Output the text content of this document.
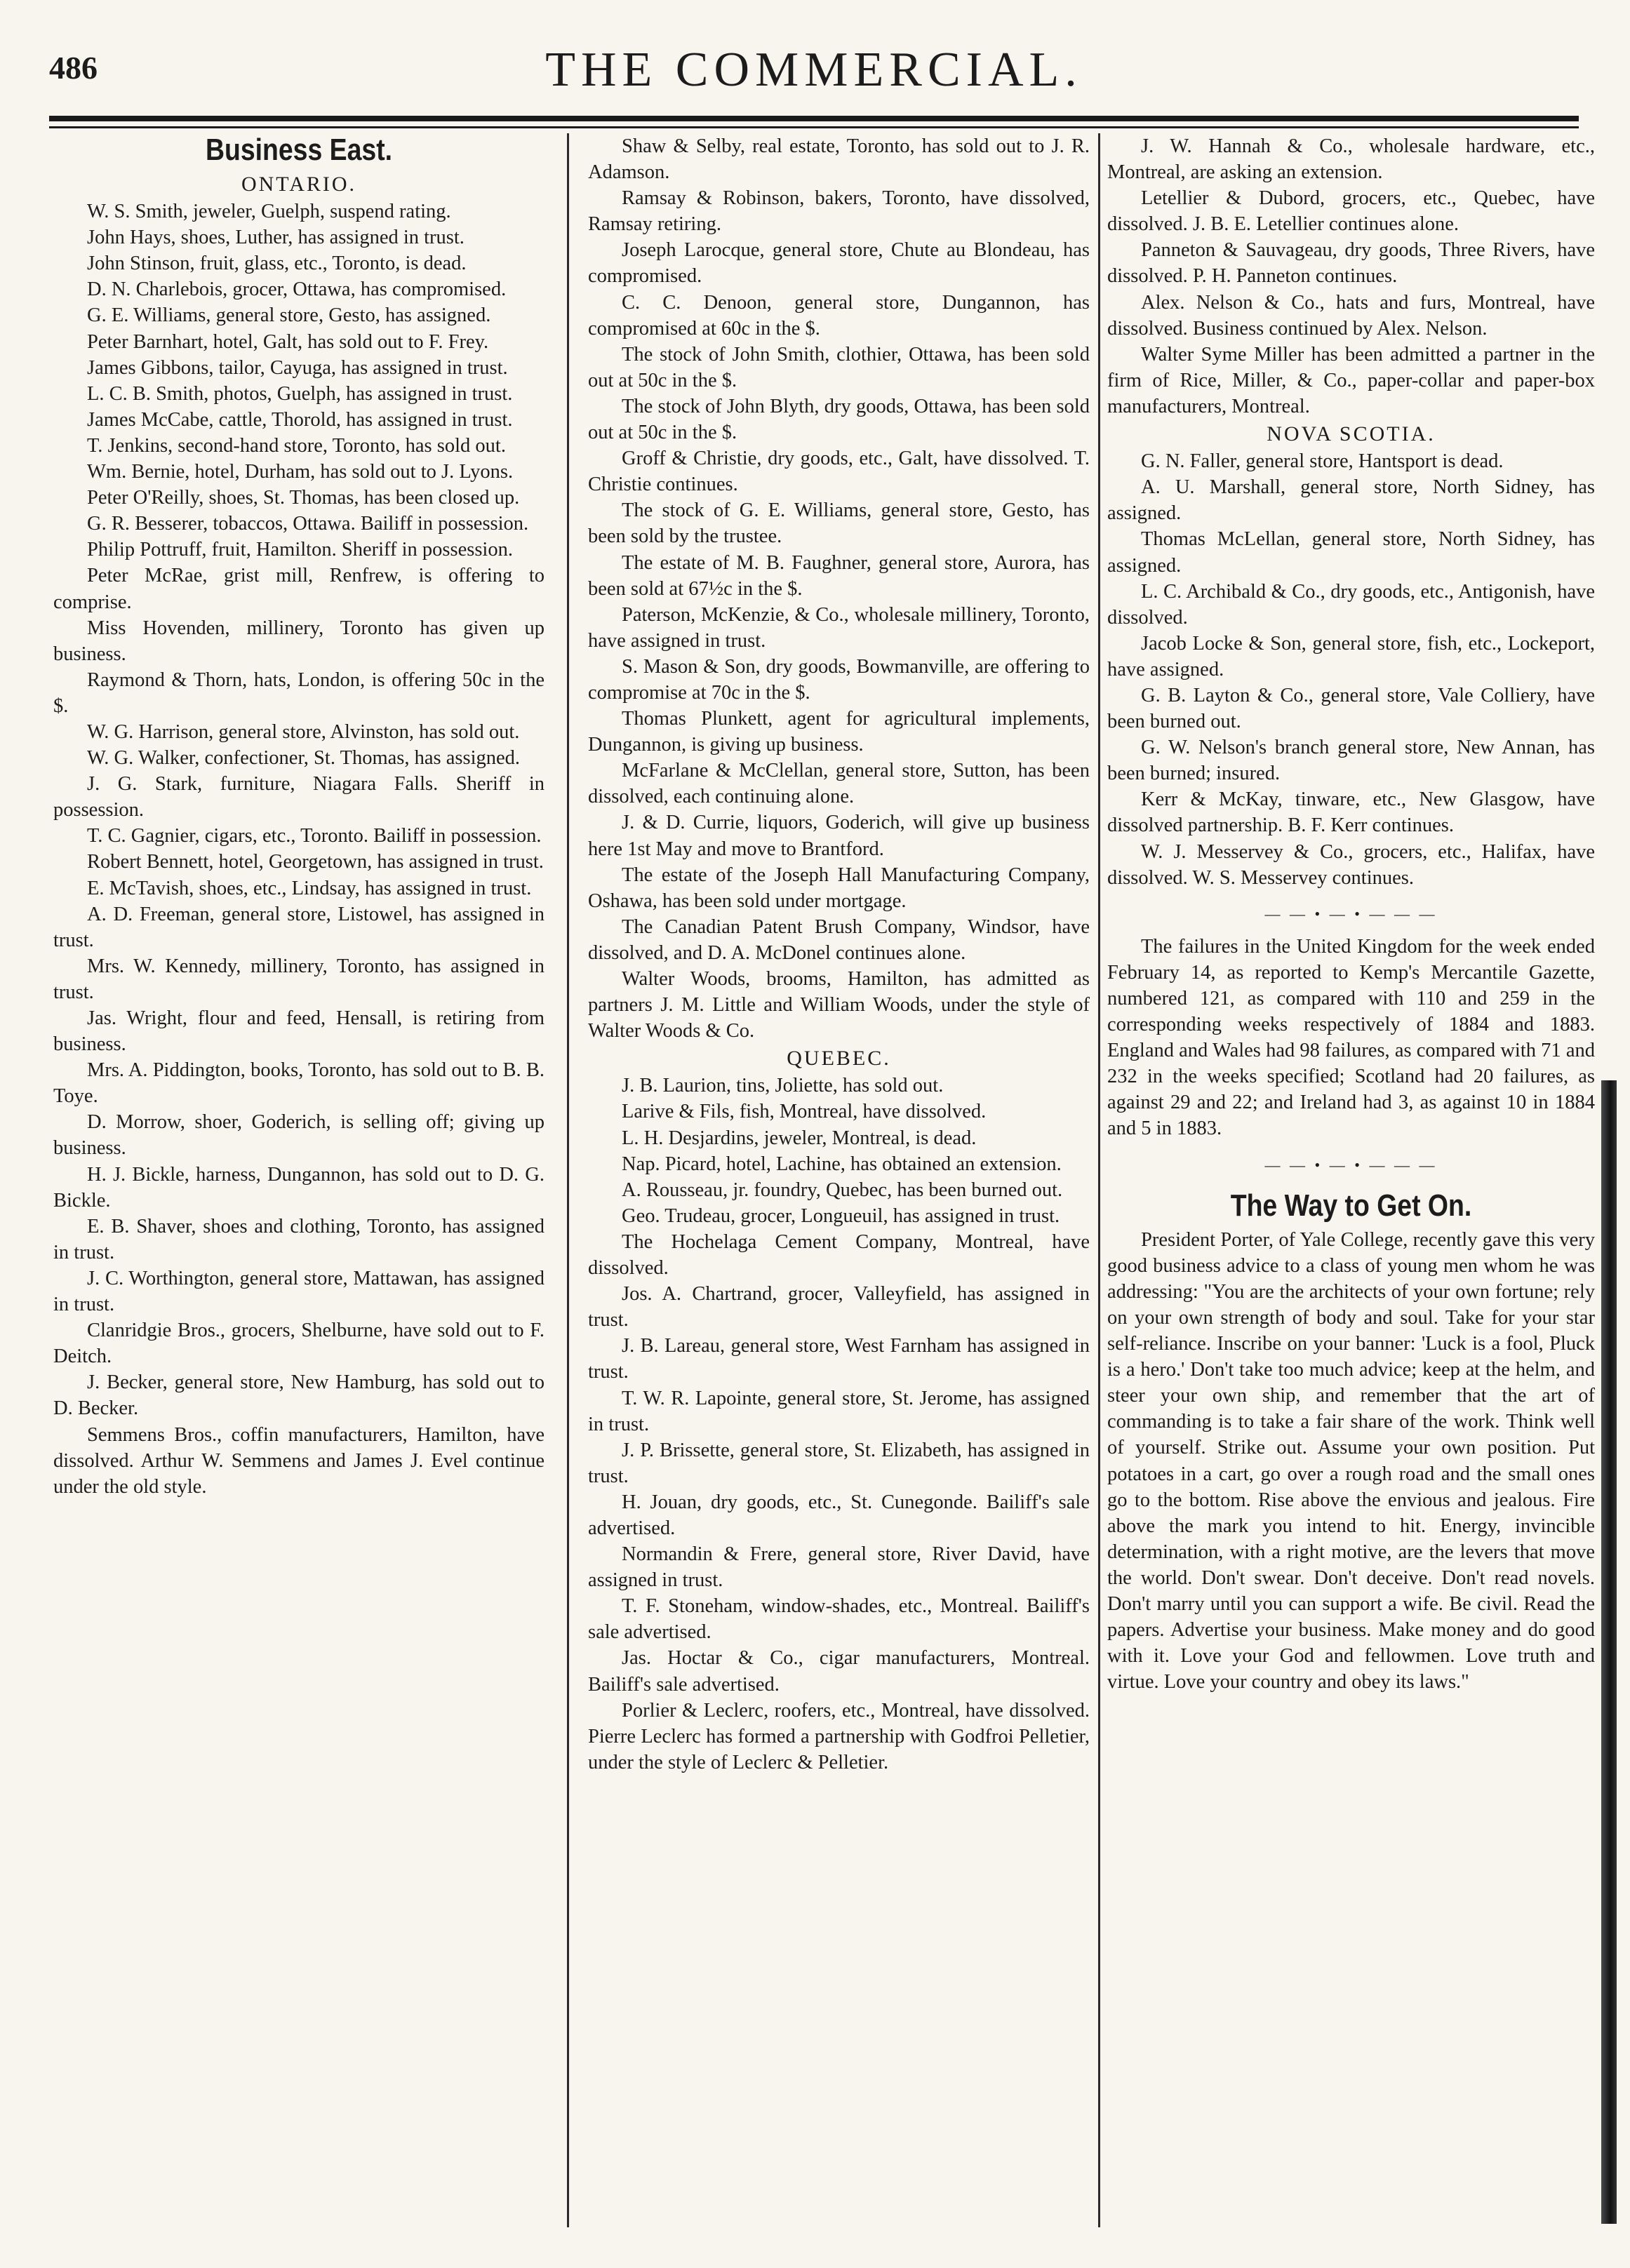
486	THE COMMERCIAL.
Business East.
ONTARIO.

W. S. Smith, jeweler, Guelph, suspend rating.

John Hays, shoes, Luther, has assigned in trust.

John Stinson, fruit, glass, etc., Toronto, is dead.

D. N. Charlebois, grocer, Ottawa, has compromised.

G. E. Williams, general store, Gesto, has assigned.

Peter Barnhart, hotel, Galt, has sold out to F. Frey.

James Gibbons, tailor, Cayuga, has assigned in trust.

L. C. B. Smith, photos, Guelph, has assigned in trust.

James McCabe, cattle, Thorold, has assigned in trust.

T. Jenkins, second-hand store, Toronto, has sold out.

Wm. Bernie, hotel, Durham, has sold out to J. Lyons.

Peter O'Reilly, shoes, St. Thomas, has been closed up.

G. R. Besserer, tobaccos, Ottawa. Bailiff in possession.

Philip Pottruff, fruit, Hamilton. Sheriff in possession.

Peter McRae, grist mill, Renfrew, is offering to comprise.

Miss Hovenden, millinery, Toronto has given up business.

Raymond & Thorn, hats, London, is offering 50c in the $.

W. G. Harrison, general store, Alvinston, has sold out.

W. G. Walker, confectioner, St. Thomas, has assigned.

J. G. Stark, furniture, Niagara Falls. Sheriff in possession.

T. C. Gagnier, cigars, etc., Toronto. Bailiff in possession.

Robert Bennett, hotel, Georgetown, has assigned in trust.

E. McTavish, shoes, etc., Lindsay, has assigned in trust.

A. D. Freeman, general store, Listowel, has assigned in trust.

Mrs. W. Kennedy, millinery, Toronto, has assigned in trust.

Jas. Wright, flour and feed, Hensall, is retiring from business.

Mrs. A. Piddington, books, Toronto, has sold out to B. B. Toye.

D. Morrow, shoer, Goderich, is selling off; giving up business.

H. J. Bickle, harness, Dungannon, has sold out to D. G. Bickle.

E. B. Shaver, shoes and clothing, Toronto, has assigned in trust.

J. C. Worthington, general store, Mattawan, has assigned in trust.

Clanridgie Bros., grocers, Shelburne, have sold out to F. Deitch.

J. Becker, general store, New Hamburg, has sold out to D. Becker.

Semmens Bros., coffin manufacturers, Hamilton, have dissolved. Arthur W. Semmens and James J. Evel continue under the old style.

Shaw & Selby, real estate, Toronto, has sold out to J. R. Adamson.

Ramsay & Robinson, bakers, Toronto, have dissolved, Ramsay retiring.

Joseph Larocque, general store, Chute au Blondeau, has compromised.

C. C. Denoon, general store, Dungannon, has compromised at 60c in the $.

The stock of John Smith, clothier, Ottawa, has been sold out at 50c in the $.

The stock of John Blyth, dry goods, Ottawa, has been sold out at 50c in the $.

Groff & Christie, dry goods, etc., Galt, have dissolved. T. Christie continues.

The stock of G. E. Williams, general store, Gesto, has been sold by the trustee.

The estate of M. B. Faughner, general store, Aurora, has been sold at 67½c in the $.

Paterson, McKenzie, & Co., wholesale millinery, Toronto, have assigned in trust.

S. Mason & Son, dry goods, Bowmanville, are offering to compromise at 70c in the $.

Thomas Plunkett, agent for agricultural implements, Dungannon, is giving up business.

McFarlane & McClellan, general store, Sutton, has been dissolved, each continuing alone.

J. & D. Currie, liquors, Goderich, will give up business here 1st May and move to Brantford.

The estate of the Joseph Hall Manufacturing Company, Oshawa, has been sold under mortgage.

The Canadian Patent Brush Company, Windsor, have dissolved, and D. A. McDonel continues alone.

Walter Woods, brooms, Hamilton, has admitted as partners J. M. Little and William Woods, under the style of Walter Woods & Co.

QUEBEC.

J. B. Laurion, tins, Joliette, has sold out.

Larive & Fils, fish, Montreal, have dissolved.

L. H. Desjardins, jeweler, Montreal, is dead.

Nap. Picard, hotel, Lachine, has obtained an extension.

A. Rousseau, jr. foundry, Quebec, has been burned out.

Geo. Trudeau, grocer, Longueuil, has assigned in trust.

The Hochelaga Cement Company, Montreal, have dissolved.

Jos. A. Chartrand, grocer, Valleyfield, has assigned in trust.

J. B. Lareau, general store, West Farnham has assigned in trust.

T. W. R. Lapointe, general store, St. Jerome, has assigned in trust.

J. P. Brissette, general store, St. Elizabeth, has assigned in trust.

H. Jouan, dry goods, etc., St. Cunegonde. Bailiff's sale advertised.

Normandin & Frere, general store, River David, have assigned in trust.

T. F. Stoneham, window-shades, etc., Montreal. Bailiff's sale advertised.

Jas. Hoctar & Co., cigar manufacturers, Montreal. Bailiff's sale advertised.

Porlier & Leclerc, roofers, etc., Montreal, have dissolved. Pierre Leclerc has formed a partnership with Godfroi Pelletier, under the style of Leclerc & Pelletier.

J. W. Hannah & Co., wholesale hardware, etc., Montreal, are asking an extension.

Letellier & Dubord, grocers, etc., Quebec, have dissolved. J. B. E. Letellier continues alone.

Panneton & Sauvageau, dry goods, Three Rivers, have dissolved. P. H. Panneton continues.

Alex. Nelson & Co., hats and furs, Montreal, have dissolved. Business continued by Alex. Nelson.

Walter Syme Miller has been admitted a partner in the firm of Rice, Miller, & Co., paper-collar and paper-box manufacturers, Montreal.

NOVA SCOTIA.

G. N. Faller, general store, Hantsport is dead.

A. U. Marshall, general store, North Sidney, has assigned.

Thomas McLellan, general store, North Sidney, has assigned.

L. C. Archibald & Co., dry goods, etc., Antigonish, have dissolved.

Jacob Locke & Son, general store, fish, etc., Lockeport, have assigned.

G. B. Layton & Co., general store, Vale Colliery, have been burned out.

G. W. Nelson's branch general store, New Annan, has been burned; insured.

Kerr & McKay, tinware, etc., New Glasgow, have dissolved partnership. B. F. Kerr continues.

W. J. Messervey & Co., grocers, etc., Halifax, have dissolved. W. S. Messervey continues.

— — • — • — — —

The failures in the United Kingdom for the week ended February 14, as reported to Kemp's Mercantile Gazette, numbered 121, as compared with 110 and 259 in the corresponding weeks respectively of 1884 and 1883. England and Wales had 98 failures, as compared with 71 and 232 in the weeks specified; Scotland had 20 failures, as against 29 and 22; and Ireland had 3, as against 10 in 1884 and 5 in 1883.

— — • — • — — —
The Way to Get On.

President Porter, of Yale College, recently gave this very good business advice to a class of young men whom he was addressing: "You are the architects of your own fortune; rely on your own strength of body and soul. Take for your star self-reliance. Inscribe on your banner: 'Luck is a fool, Pluck is a hero.' Don't take too much advice; keep at the helm, and steer your own ship, and remember that the art of commanding is to take a fair share of the work. Think well of yourself. Strike out. Assume your own position. Put potatoes in a cart, go over a rough road and the small ones go to the bottom. Rise above the envious and jealous. Fire above the mark you intend to hit. Energy, invincible determination, with a right motive, are the levers that move the world. Don't swear. Don't deceive. Don't read novels. Don't marry until you can support a wife. Be civil. Read the papers. Advertise your business. Make money and do good with it. Love your God and fellowmen. Love truth and virtue. Love your country and obey its laws."
